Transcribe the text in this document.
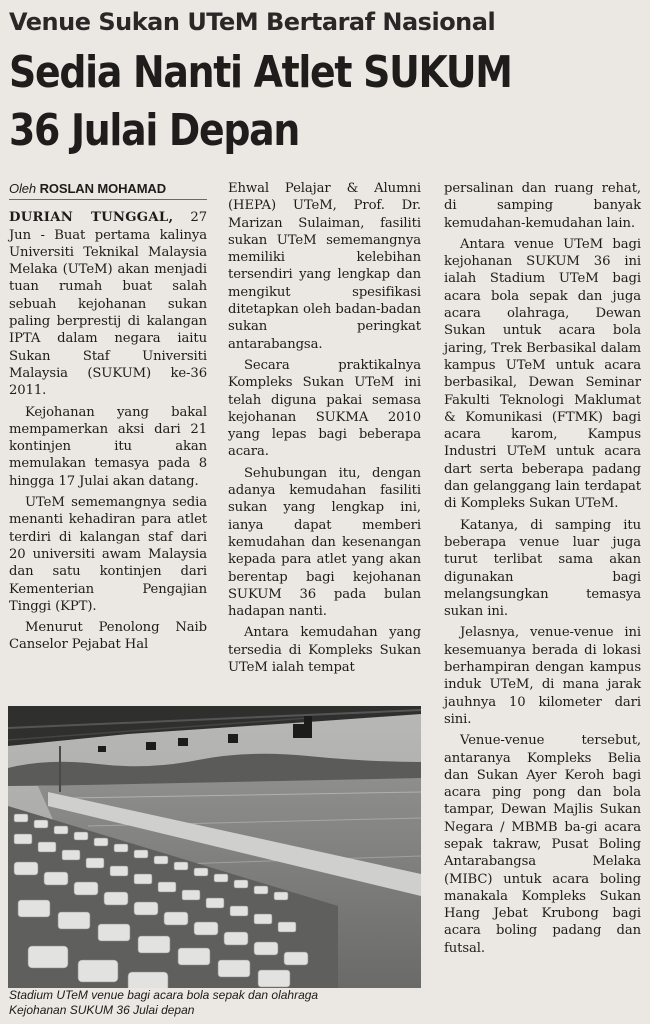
Venue Sukan UTeM Bertaraf Nasional
Sedia Nanti Atlet SUKUM
36 Julai Depan
Oleh ROSLAN MOHAMAD

DURIAN TUNGGAL, 27 Jun - Buat pertama kalinya Universiti Teknikal Malaysia Melaka (UTeM) akan menjadi tuan rumah buat salah sebuah kejohanan sukan paling berprestij di kalangan IPTA dalam negara iaitu Sukan Staf Universiti Malaysia (SUKUM) ke-36 2011.

Kejohanan yang bakal mempamerkan aksi dari 21 kontinjen itu akan memulakan temasya pada 8 hingga 17 Julai akan datang.

UTeM sememangnya sedia menanti kehadiran para atlet terdiri di kalangan staf dari 20 universiti awam Malaysia dan satu kontinjen dari Kementerian Pengajian Tinggi (KPT).

Menurut Penolong Naib Canselor Pejabat Hal

Ehwal Pelajar & Alumni (HEPA) UTeM, Prof. Dr. Marizan Sulaiman, fasiliti sukan UTeM sememangnya memiliki kelebihan tersendiri yang lengkap dan mengikut spesifikasi ditetapkan oleh badan-badan sukan peringkat antarabangsa.

Secara praktikalnya Kompleks Sukan UTeM ini telah diguna pakai semasa kejohanan SUKMA 2010 yang lepas bagi beberapa acara.

Sehubungan itu, dengan adanya kemudahan fasiliti sukan yang lengkap ini, ianya dapat memberi kemudahan dan kesenangan kepada para atlet yang akan berentap bagi kejohanan SUKUM 36 pada bulan hadapan nanti.

Antara kemudahan yang tersedia di Kompleks Sukan UTeM ialah tempat

persalinan dan ruang rehat, di samping banyak kemudahan-kemudahan lain.

Antara venue UTeM bagi kejohanan SUKUM 36 ini ialah Stadium UTeM bagi acara bola sepak dan juga acara olahraga, Dewan Sukan untuk acara bola jaring, Trek Berbasikal dalam kampus UTeM untuk acara berbasikal, Dewan Seminar Fakulti Teknologi Maklumat & Komunikasi (FTMK) bagi acara karom, Kampus Industri UTeM untuk acara dart serta beberapa padang dan gelanggang lain terdapat di Kompleks Sukan UTeM.

Katanya, di samping itu beberapa venue luar juga turut terlibat sama akan digunakan bagi melangsungkan temasya sukan ini.

Jelasnya, venue-venue ini kesemuanya berada di lokasi berhampiran dengan kampus induk UTeM, di mana jarak jauhnya 10 kilometer dari sini.

Venue-venue tersebut, antaranya Kompleks Belia dan Sukan Ayer Keroh bagi acara ping pong dan bola tampar, Dewan Majlis Sukan Negara / MBMB ba-gi acara sepak takraw, Pusat Boling Antarabangsa Melaka (MIBC) untuk acara boling manakala Kompleks Sukan Hang Jebat Krubong bagi acara boling padang dan futsal.

Stadium UTeM venue bagi acara bola sepak dan olahraga
Kejohanan SUKUM 36 Julai depan
